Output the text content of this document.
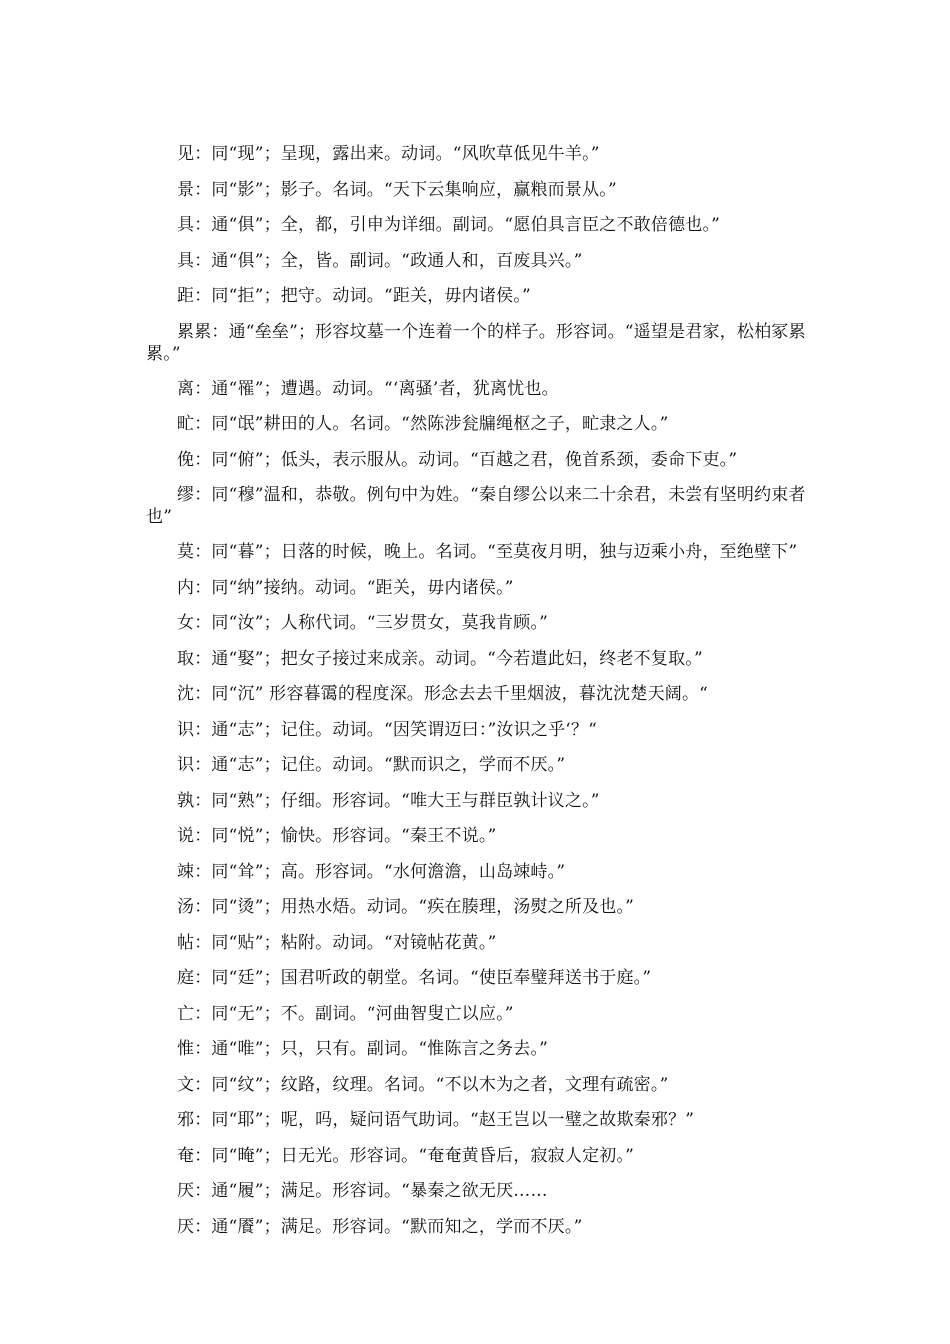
见：同“现”；呈现，露出来。动词。“风吹草低见牛羊。”

景：同“影”；影子。名词。“天下云集响应，赢粮而景从。”

具：通“俱”；全，都，引申为详细。副词。“愿伯具言臣之不敢倍德也。”

具：通“俱”；全，皆。副词。“政通人和，百废具兴。”

距：同“拒”；把守。动词。“距关，毋内诸侯。”

累累：通“垒垒”；形容坟墓一个连着一个的样子。形容词。“遥望是君家，松柏冢累累。”

离：通“罹”；遭遇。动词。“‘离骚’者，犹离忧也。

甿：同“氓”耕田的人。名词。“然陈涉瓮牖绳枢之子，甿隶之人。”

俛：同“俯”；低头，表示服从。动词。“百越之君，俛首系颈，委命下吏。”

缪：同“穆”温和，恭敬。例句中为姓。“秦自缪公以来二十余君，未尝有坚明约束者也”

莫：同“暮”；日落的时候，晚上。名词。“至莫夜月明，独与迈乘小舟，至绝壁下”

内：同“纳”接纳。动词。“距关，毋内诸侯。”

女：同“汝”；人称代词。“三岁贯女，莫我肯顾。”

取：通“娶”；把女子接过来成亲。动词。“今若遣此妇，终老不复取。”

沈：同“沉” 形容暮霭的程度深。形念去去千里烟波，暮沈沈楚天阔。“

识：通“志”；记住。动词。“因笑谓迈曰：”汝识之乎‘？“

识：通“志”；记住。动词。“默而识之，学而不厌。”

孰：同“熟”；仔细。形容词。“唯大王与群臣孰计议之。”

说：同“悦”；愉快。形容词。“秦王不说。”

竦：同“耸”；高。形容词。“水何澹澹，山岛竦峙。”

汤：同“烫”；用热水焐。动词。“疾在腠理，汤熨之所及也。”

帖：同“贴”；粘附。动词。“对镜帖花黄。”

庭：同“廷”；国君听政的朝堂。名词。“使臣奉璧拜送书于庭。”

亡：同“无”；不。副词。“河曲智叟亡以应。”

惟：通“唯”；只，只有。副词。“惟陈言之务去。”

文：同“纹”；纹路，纹理。名词。“不以木为之者，文理有疏密。”

邪：同“耶”；呢，吗，疑问语气助词。“赵王岂以一璧之故欺秦邪？”

奄：同“晻”；日无光。形容词。“奄奄黄昏后，寂寂人定初。”

厌：通“履”；满足。形容词。“暴秦之欲无厌……

厌：通“餍”；满足。形容词。“默而知之，学而不厌。”
